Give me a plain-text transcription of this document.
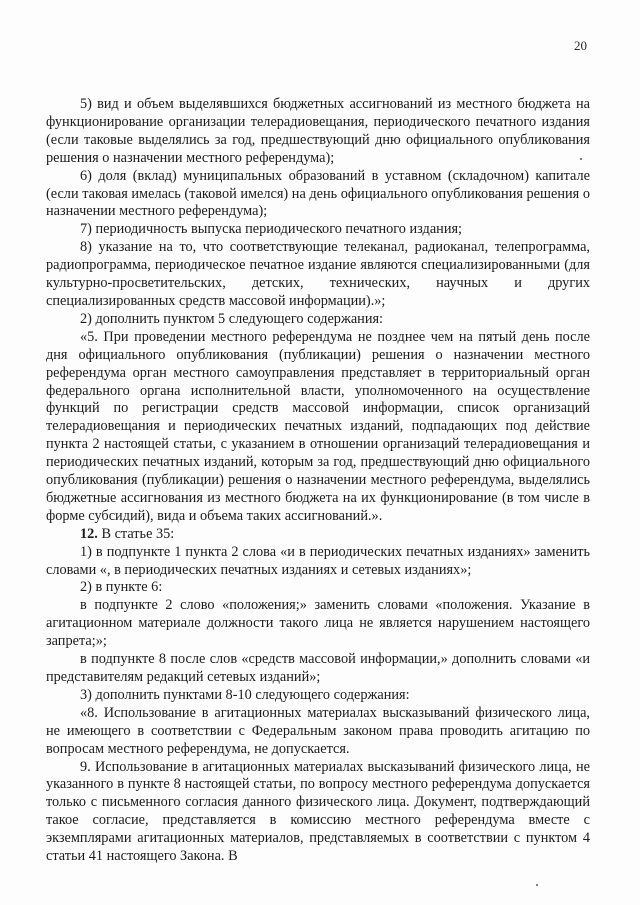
20

5) вид и объем выделявшихся бюджетных ассигнований из местного бюджета на функционирование организации телерадиовещания, периодического печатного издания (если таковые выделялись за год, предшествующий дню официального опубликования решения о назначении местного референдума);

6) доля (вклад) муниципальных образований в уставном (складочном) капитале (если таковая имелась (таковой имелся) на день официального опубликования решения о назначении местного референдума);

7) периодичность выпуска периодического печатного издания;

8) указание на то, что соответствующие телеканал, радиоканал, телепрограмма, радиопрограмма, периодическое печатное издание являются специализированными (для культурно-просветительских, детских, технических, научных и других специализированных средств массовой информации).»;

2) дополнить пунктом 5 следующего содержания:

«5. При проведении местного референдума не позднее чем на пятый день после дня официального опубликования (публикации) решения о назначении местного референдума орган местного самоуправления представляет в территориальный орган федерального органа исполнительной власти, уполномоченного на осуществление функций по регистрации средств массовой информации, список организаций телерадиовещания и периодических печатных изданий, подпадающих под действие пункта 2 настоящей статьи, с указанием в отношении организаций телерадиовещания и периодических печатных изданий, которым за год, предшествующий дню официального опубликования (публикации) решения о назначении местного референдума, выделялись бюджетные ассигнования из местного бюджета на их функционирование (в том числе в форме субсидий), вида и объема таких ассигнований.».

12. В статье 35:

1) в подпункте 1 пункта 2 слова «и в периодических печатных изданиях» заменить словами «, в периодических печатных изданиях и сетевых изданиях»;

2) в пункте 6:

в подпункте 2 слово «положения;» заменить словами «положения. Указание в агитационном материале должности такого лица не является нарушением настоящего запрета;»;

в подпункте 8 после слов «средств массовой информации,» дополнить словами «и представителям редакций сетевых изданий»;

3) дополнить пунктами 8-10 следующего содержания:

«8. Использование в агитационных материалах высказываний физического лица, не имеющего в соответствии с Федеральным законом права проводить агитацию по вопросам местного референдума, не допускается.

9. Использование в агитационных материалах высказываний физического лица, не указанного в пункте 8 настоящей статьи, по вопросу местного референдума допускается только с письменного согласия данного физического лица. Документ, подтверждающий такое согласие, представляется в комиссию местного референдума вместе с экземплярами агитационных материалов, представляемых в соответствии с пунктом 4 статьи 41 настоящего Закона. В
